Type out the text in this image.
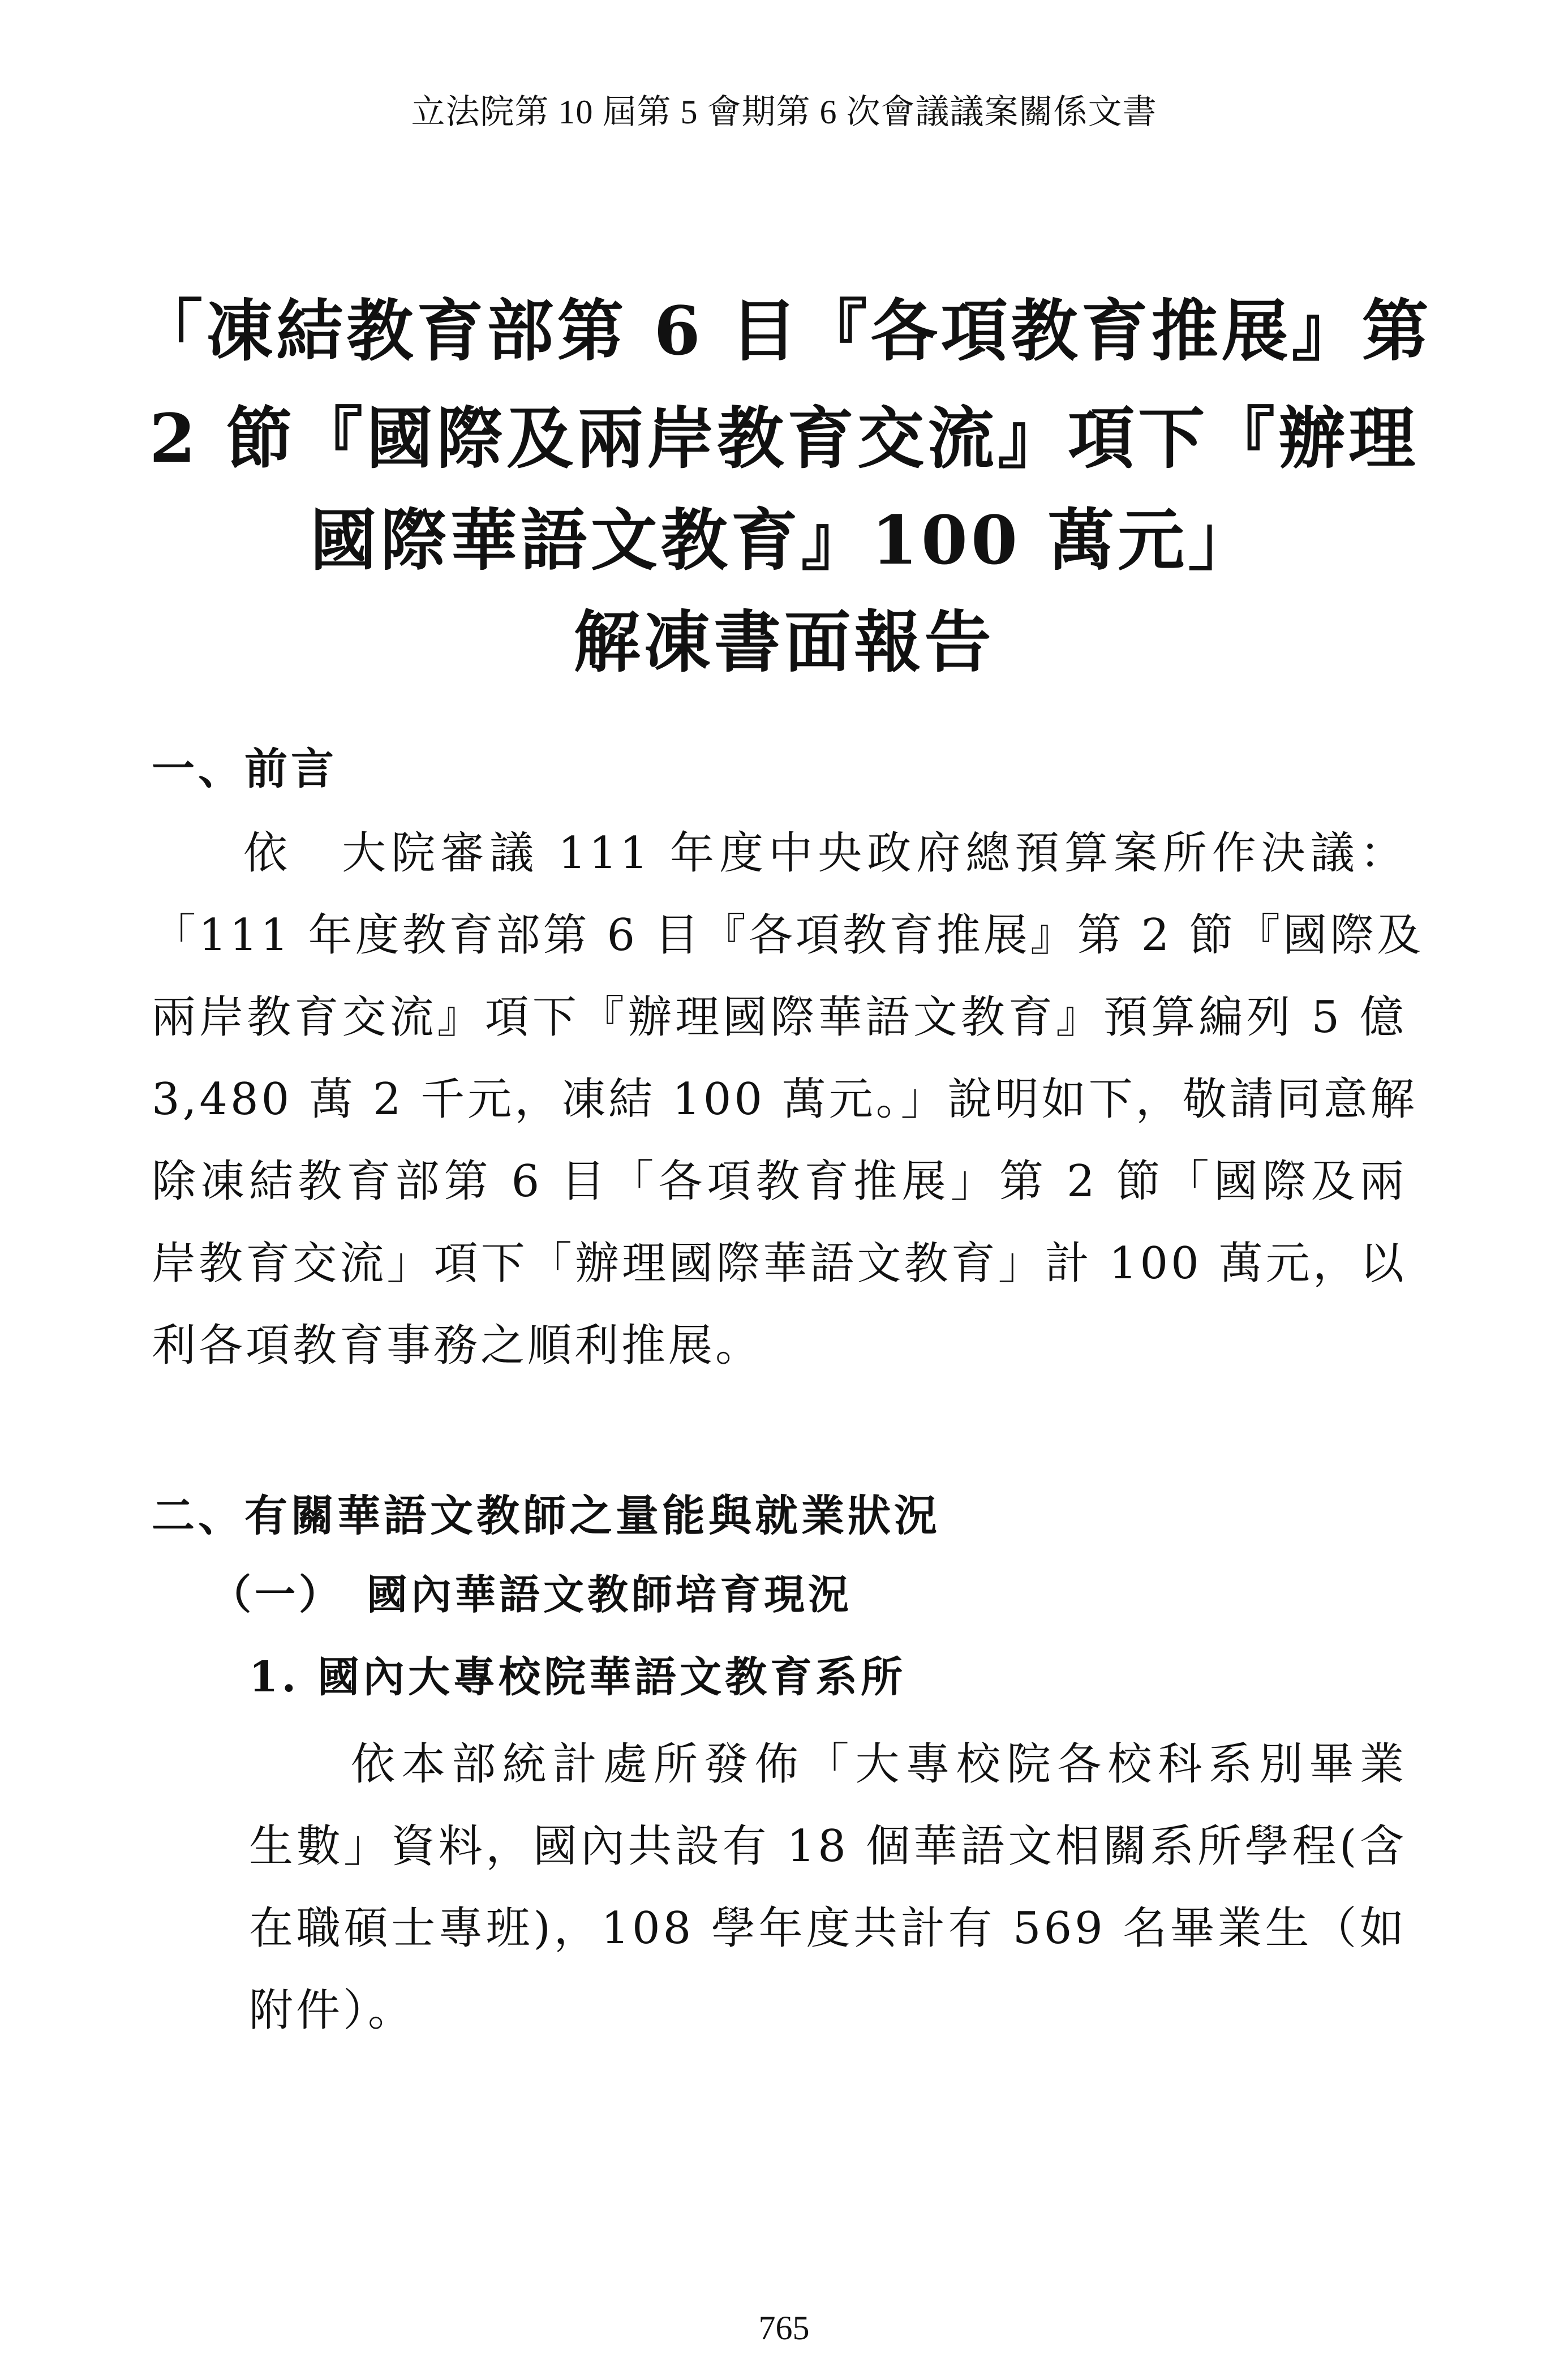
立法院第 10 屆第 5 會期第 6 次會議議案關係文書
「凍結教育部第 6 目『各項教育推展』第
2 節『國際及兩岸教育交流』項下『辦理
國際華語文教育』100 萬元」
解凍書面報告
一、前言
依　大院審議 111 年度中央政府總預算案所作決議：
「111 年度教育部第 6 目『各項教育推展』第 2 節『國際及
兩岸教育交流』項下『辦理國際華語文教育』預算編列 5 億
3,480 萬 2 千元，凍結 100 萬元。」說明如下，敬請同意解
除凍結教育部第 6 目「各項教育推展」第 2 節「國際及兩
岸教育交流」項下「辦理國際華語文教育」計 100 萬元，以
利各項教育事務之順利推展。
二、有關華語文教師之量能與就業狀況
（一）　國內華語文教師培育現況
1. 國內大專校院華語文教育系所
依本部統計處所發佈「大專校院各校科系別畢業
生數」資料，國內共設有 18 個華語文相關系所學程(含
在職碩士專班)，108 學年度共計有 569 名畢業生（如
附件）。
765
